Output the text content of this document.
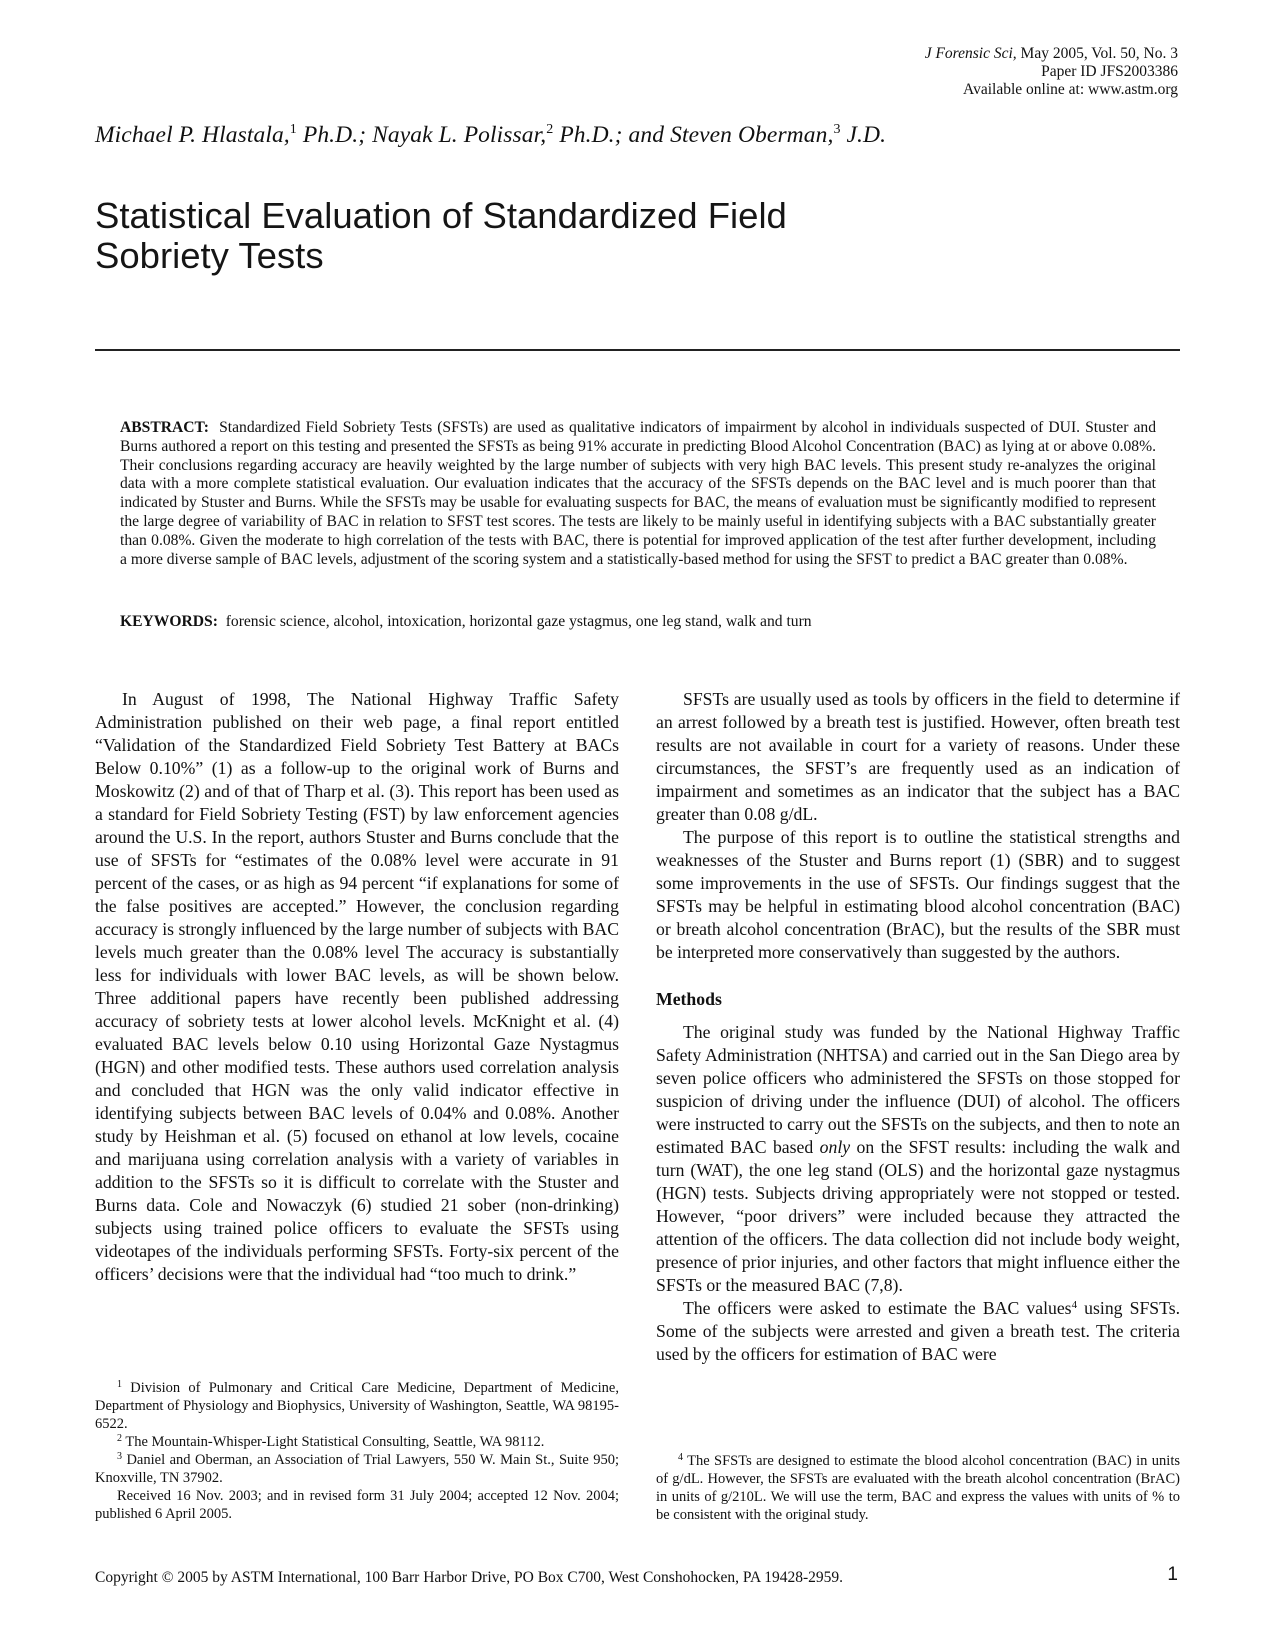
J Forensic Sci, May 2005, Vol. 50, No. 3
Paper ID JFS2003386
Available online at: www.astm.org
Michael P. Hlastala,$^1$ Ph.D.; Nayak L. Polissar,$^2$ Ph.D.; and Steven Oberman,$^3$ J.D.
Statistical Evaluation of Standardized Field
Sobriety Tests
ABSTRACT: Standardized Field Sobriety Tests (SFSTs) are used as qualitative indicators of impairment by alcohol in individuals suspected of DUI. Stuster and Burns authored a report on this testing and presented the SFSTs as being 91% accurate in predicting Blood Alcohol Concentration (BAC) as lying at or above 0.08%. Their conclusions regarding accuracy are heavily weighted by the large number of subjects with very high BAC levels. This present study re-analyzes the original data with a more complete statistical evaluation. Our evaluation indicates that the accuracy of the SFSTs depends on the BAC level and is much poorer than that indicated by Stuster and Burns. While the SFSTs may be usable for evaluating suspects for BAC, the means of evaluation must be significantly modified to represent the large degree of variability of BAC in relation to SFST test scores. The tests are likely to be mainly useful in identifying subjects with a BAC substantially greater than 0.08%. Given the moderate to high correlation of the tests with BAC, there is potential for improved application of the test after further development, including a more diverse sample of BAC levels, adjustment of the scoring system and a statistically-based method for using the SFST to predict a BAC greater than 0.08%.
KEYWORDS: forensic science, alcohol, intoxication, horizontal gaze ystagmus, one leg stand, walk and turn

In August of 1998, The National Highway Traffic Safety Administration published on their web page, a final report entitled “Validation of the Standardized Field Sobriety Test Battery at BACs Below 0.10%” (1) as a follow-up to the original work of Burns and Moskowitz (2) and of that of Tharp et al. (3). This report has been used as a standard for Field Sobriety Testing (FST) by law enforcement agencies around the U.S. In the report, authors Stuster and Burns conclude that the use of SFSTs for “estimates of the 0.08% level were accurate in 91 percent of the cases, or as high as 94 percent “if explanations for some of the false positives are accepted.” However, the conclusion regarding accuracy is strongly influenced by the large number of subjects with BAC levels much greater than the 0.08% level The accuracy is substantially less for individuals with lower BAC levels, as will be shown below. Three additional papers have recently been published addressing accuracy of sobriety tests at lower alcohol levels. McKnight et al. (4) evaluated BAC levels below 0.10 using Horizontal Gaze Nystagmus (HGN) and other modified tests. These authors used correlation analysis and concluded that HGN was the only valid indicator effective in identifying subjects between BAC levels of 0.04% and 0.08%. Another study by Heishman et al. (5) focused on ethanol at low levels, cocaine and marijuana using correlation analysis with a variety of variables in addition to the SFSTs so it is difficult to correlate with the Stuster and Burns data. Cole and Nowaczyk (6) studied 21 sober (non-drinking) subjects using trained police officers to evaluate the SFSTs using videotapes of the individuals performing SFSTs. Forty-six percent of the officers’ decisions were that the individual had “too much to drink.”

SFSTs are usually used as tools by officers in the field to determine if an arrest followed by a breath test is justified. However, often breath test results are not available in court for a variety of reasons. Under these circumstances, the SFST’s are frequently used as an indication of impairment and sometimes as an indicator that the subject has a BAC greater than 0.08 g/dL.

The purpose of this report is to outline the statistical strengths and weaknesses of the Stuster and Burns report (1) (SBR) and to suggest some improvements in the use of SFSTs. Our findings suggest that the SFSTs may be helpful in estimating blood alcohol concentration (BAC) or breath alcohol concentration (BrAC), but the results of the SBR must be interpreted more conservatively than suggested by the authors.

Methods

The original study was funded by the National Highway Traffic Safety Administration (NHTSA) and carried out in the San Diego area by seven police officers who administered the SFSTs on those stopped for suspicion of driving under the influence (DUI) of alcohol. The officers were instructed to carry out the SFSTs on the subjects, and then to note an estimated BAC based only on the SFST results: including the walk and turn (WAT), the one leg stand (OLS) and the horizontal gaze nystagmus (HGN) tests. Subjects driving appropriately were not stopped or tested. However, “poor drivers” were included because they attracted the attention of the officers. The data collection did not include body weight, presence of prior injuries, and other factors that might influence either the SFSTs or the measured BAC (7,8).

The officers were asked to estimate the BAC values$^4$ using SFSTs. Some of the subjects were arrested and given a breath test. The criteria used by the officers for estimation of BAC were

$^1$ Division of Pulmonary and Critical Care Medicine, Department of Medicine, Department of Physiology and Biophysics, University of Washington, Seattle, WA 98195-6522.

$^2$ The Mountain-Whisper-Light Statistical Consulting, Seattle, WA 98112.

$^3$ Daniel and Oberman, an Association of Trial Lawyers, 550 W. Main St., Suite 950; Knoxville, TN 37902.

Received 16 Nov. 2003; and in revised form 31 July 2004; accepted 12 Nov. 2004; published 6 April 2005.

$^4$ The SFSTs are designed to estimate the blood alcohol concentration (BAC) in units of g/dL. However, the SFSTs are evaluated with the breath alcohol concentration (BrAC) in units of g/210L. We will use the term, BAC and express the values with units of % to be consistent with the original study.

Copyright © 2005 by ASTM International, 100 Barr Harbor Drive, PO Box C700, West Conshohocken, PA 19428-2959.	1
